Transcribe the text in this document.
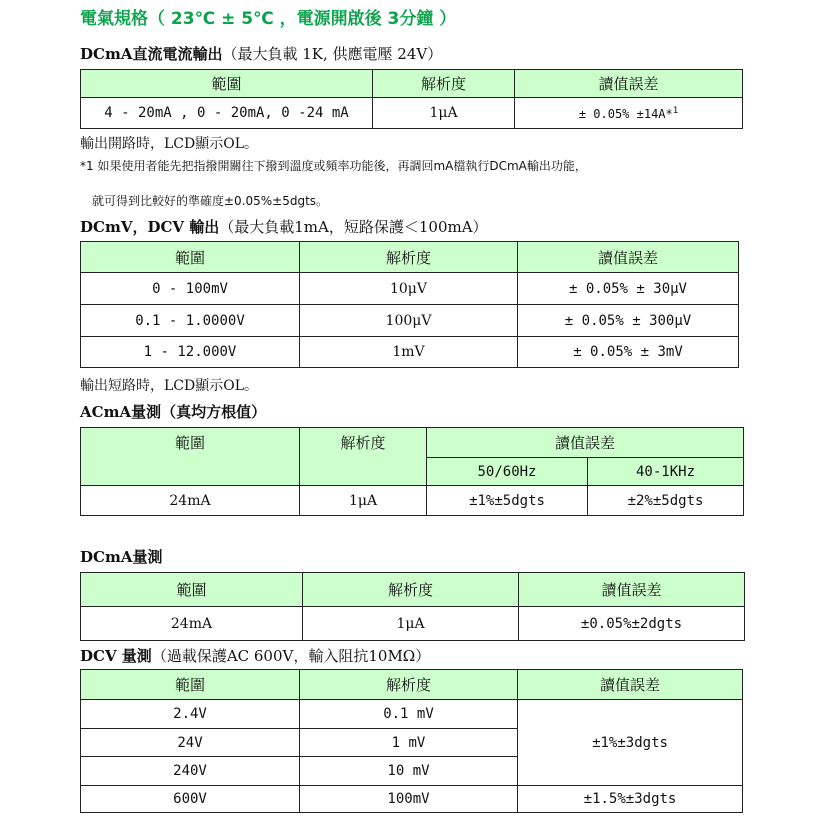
電氣規格（ 23℃ ± 5℃ ，電源開啟後 3分鐘 ）
DCmA直流電流輸出（最大負載 1K, 供應電壓 24V）
範圍	解析度	讀值誤差
4 - 20mA , 0 - 20mA, 0 -24 mA	1μA	± 0.05% ±14A*$^1$
輸出開路時，LCD顯示OL。
*1 如果使用者能先把指撥開關往下撥到溫度或頻率功能後，再調回mA檔執行DCmA輸出功能，
就可得到比較好的準確度±0.05%±5dgts。
DCmV，DCV 輸出（最大負載1mA，短路保護＜100mA）
範圍	解析度	讀值誤差
0 - 100mV	10μV	± 0.05% ± 30μV
0.1 - 1.0000V	100μV	± 0.05% ± 300μV
1 - 12.000V	1mV	± 0.05% ± 3mV
輸出短路時，LCD顯示OL。
ACmA量測（真均方根值）
範圍	解析度	讀值誤差	
		50/60Hz	40-1KHz
24mA	1μA	±1%±5dgts	±2%±5dgts
DCmA量測
範圍	解析度	讀值誤差
24mA	1μA	±0.05%±2dgts
DCV 量測（過載保護AC 600V，輸入阻抗10MΩ）
範圍	解析度	讀值誤差
2.4V	0.1 mV	±1%±3dgts
24V	1 mV	
240V	10 mV	
600V	100mV	±1.5%±3dgts
